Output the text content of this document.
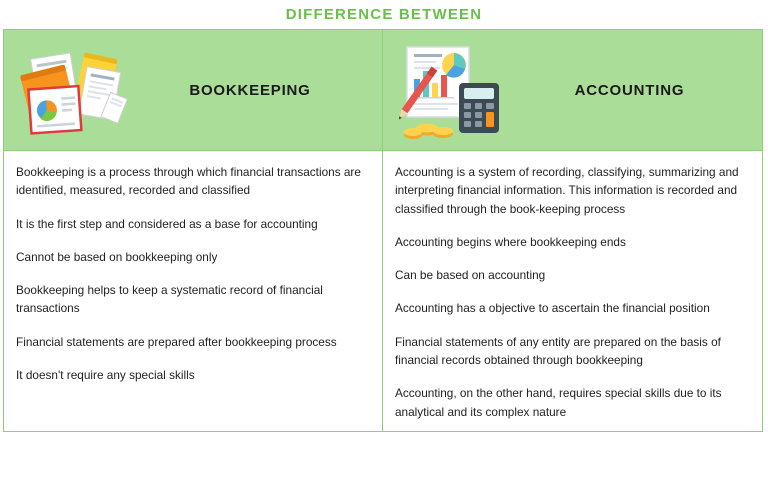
DIFFERENCE BETWEEN
BOOKKEEPING	ACCOUNTING
Bookkeeping is a process through which financial transactions are identified, measured, recorded and classified
It is the first step and considered as a base for accounting
Cannot be based on bookkeeping only
Bookkeeping helps to keep a systematic record of financial transactions
Financial statements are prepared after bookkeeping process
It doesn't require any special skills
Accounting is a system of recording, classifying, summarizing and interpreting financial information. This information is recorded and classified through the book-keeping process
Accounting begins where bookkeeping ends
Can be based on accounting
Accounting has a objective to ascertain the financial position
Financial statements of any entity are prepared on the basis of financial records obtained through bookkeeping
Accounting, on the other hand, requires special skills due to its analytical and its complex nature
